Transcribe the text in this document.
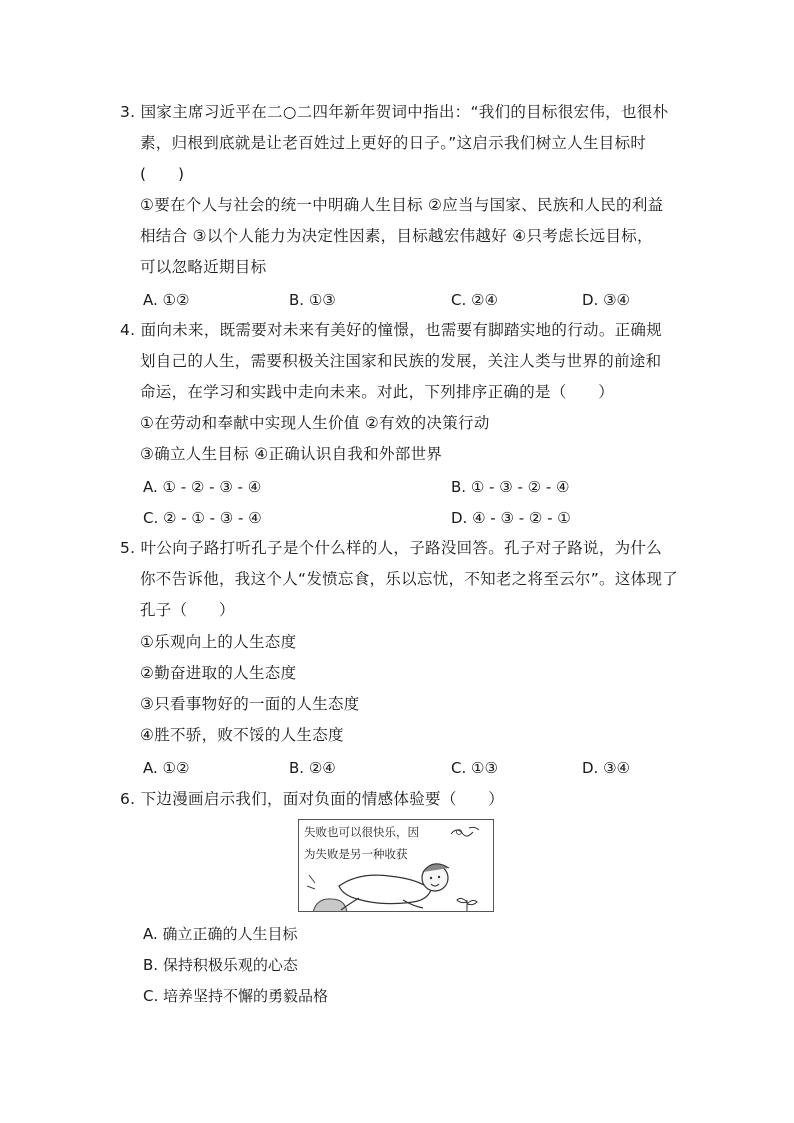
3. 国家主席习近平在二○二四年新年贺词中指出：“我们的目标很宏伟，也很朴
素，归根到底就是让老百姓过上更好的日子。”这启示我们树立人生目标时
(　　)
①要在个人与社会的统一中明确人生目标 ②应当与国家、民族和人民的利益
相结合 ③以个人能力为决定性因素，目标越宏伟越好 ④只考虑长远目标，
可以忽略近期目标
A. ①②	B. ①③	C. ②④	D. ③④
4. 面向未来，既需要对未来有美好的憧憬，也需要有脚踏实地的行动。正确规
划自己的人生，需要积极关注国家和民族的发展，关注人类与世界的前途和
命运，在学习和实践中走向未来。对此，下列排序正确的是（　　）
①在劳动和奉献中实现人生价值 ②有效的决策行动
③确立人生目标 ④正确认识自我和外部世界
A. ① - ② - ③ - ④	B. ① - ③ - ② - ④
C. ② - ① - ③ - ④	D. ④ - ③ - ② - ①
5. 叶公向子路打听孔子是个什么样的人，子路没回答。孔子对子路说，为什么
你不告诉他，我这个人“发愤忘食，乐以忘忧，不知老之将至云尔”。这体现了
孔子（　　）
①乐观向上的人生态度
②勤奋进取的人生态度
③只看事物好的一面的人生态度
④胜不骄，败不馁的人生态度
A. ①②	B. ②④	C. ①③	D. ③④
6. 下边漫画启示我们，面对负面的情感体验要（　　）
失败也可以很快乐，因
为失败是另一种收获
A. 确立正确的人生目标
B. 保持积极乐观的心态
C. 培养坚持不懈的勇毅品格
